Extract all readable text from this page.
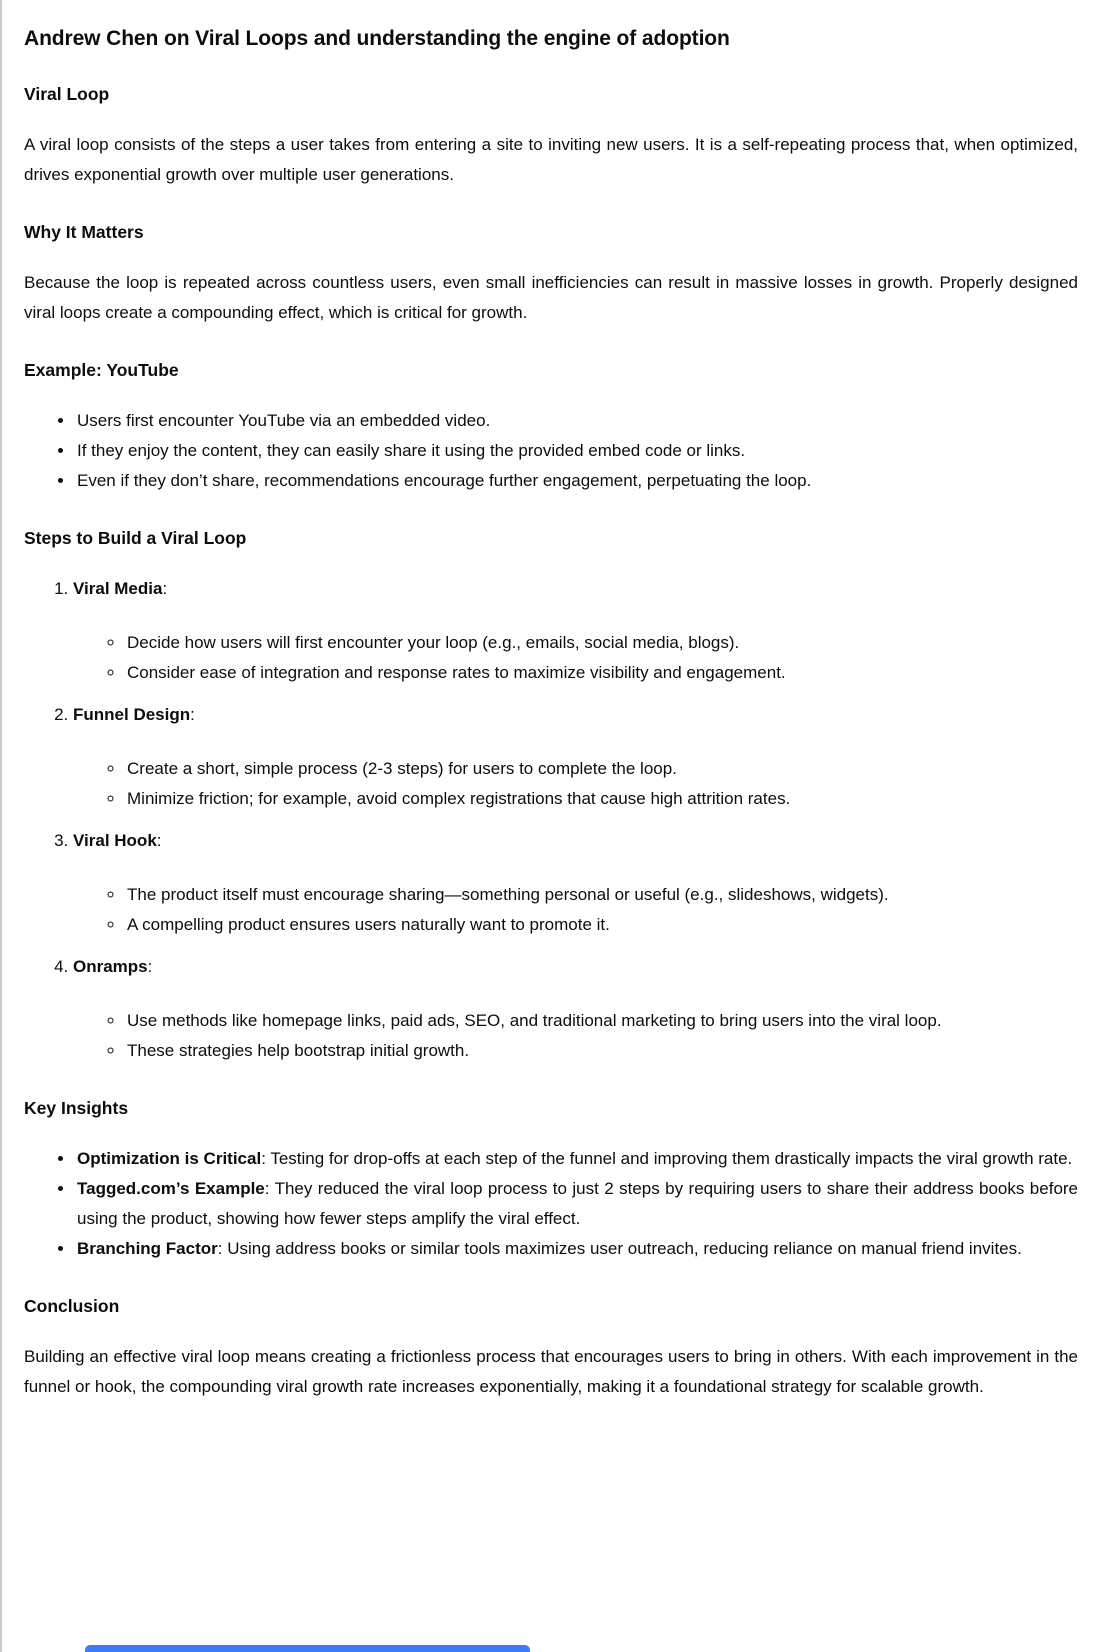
Andrew Chen on Viral Loops and understanding the engine of adoption
Viral Loop

A viral loop consists of the steps a user takes from entering a site to inviting new users. It is a self-repeating process that, when optimized, drives exponential growth over multiple user generations.

Why It Matters

Because the loop is repeated across countless users, even small inefficiencies can result in massive losses in growth. Properly designed viral loops create a compounding effect, which is critical for growth.

Example: YouTube
• Users first encounter YouTube via an embedded video.
• If they enjoy the content, they can easily share it using the provided embed code or links.
• Even if they don’t share, recommendations encourage further engagement, perpetuating the loop.
Steps to Build a Viral Loop
1. Viral Media:
◦ Decide how users will first encounter your loop (e.g., emails, social media, blogs).
◦ Consider ease of integration and response rates to maximize visibility and engagement.
2. Funnel Design:
◦ Create a short, simple process (2-3 steps) for users to complete the loop.
◦ Minimize friction; for example, avoid complex registrations that cause high attrition rates.
3. Viral Hook:
◦ The product itself must encourage sharing—something personal or useful (e.g., slideshows, widgets).
◦ A compelling product ensures users naturally want to promote it.
4. Onramps:
◦ Use methods like homepage links, paid ads, SEO, and traditional marketing to bring users into the viral loop.
◦ These strategies help bootstrap initial growth.
Key Insights
• Optimization is Critical: Testing for drop-offs at each step of the funnel and improving them drastically impacts the viral growth rate.
• Tagged.com’s Example: They reduced the viral loop process to just 2 steps by requiring users to share their address books before using the product, showing how fewer steps amplify the viral effect.
• Branching Factor: Using address books or similar tools maximizes user outreach, reducing reliance on manual friend invites.
Conclusion

Building an effective viral loop means creating a frictionless process that encourages users to bring in others. With each improvement in the funnel or hook, the compounding viral growth rate increases exponentially, making it a foundational strategy for scalable growth.
